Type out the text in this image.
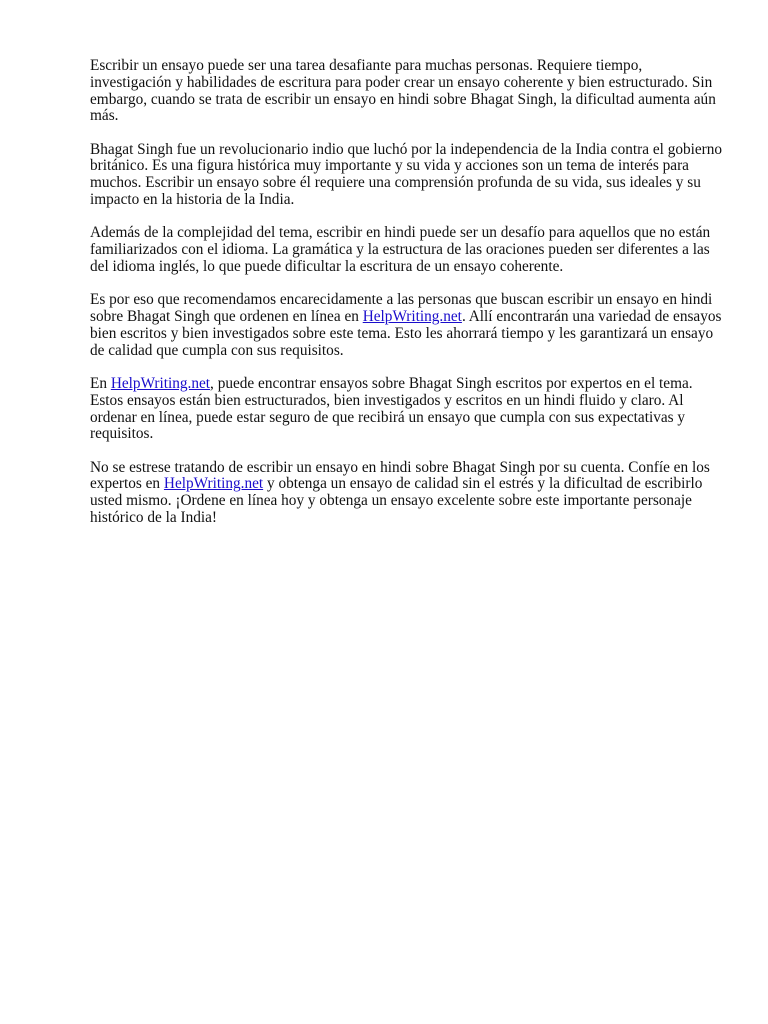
Escribir un ensayo puede ser una tarea desafiante para muchas personas. Requiere tiempo, investigación y habilidades de escritura para poder crear un ensayo coherente y bien estructurado. Sin embargo, cuando se trata de escribir un ensayo en hindi sobre Bhagat Singh, la dificultad aumenta aún más.

Bhagat Singh fue un revolucionario indio que luchó por la independencia de la India contra el gobierno británico. Es una figura histórica muy importante y su vida y acciones son un tema de interés para muchos. Escribir un ensayo sobre él requiere una comprensión profunda de su vida, sus ideales y su impacto en la historia de la India.

Además de la complejidad del tema, escribir en hindi puede ser un desafío para aquellos que no están familiarizados con el idioma. La gramática y la estructura de las oraciones pueden ser diferentes a las del idioma inglés, lo que puede dificultar la escritura de un ensayo coherente.

Es por eso que recomendamos encarecidamente a las personas que buscan escribir un ensayo en hindi sobre Bhagat Singh que ordenen en línea en HelpWriting.net. Allí encontrarán una variedad de ensayos bien escritos y bien investigados sobre este tema. Esto les ahorrará tiempo y les garantizará un ensayo de calidad que cumpla con sus requisitos.

En HelpWriting.net, puede encontrar ensayos sobre Bhagat Singh escritos por expertos en el tema. Estos ensayos están bien estructurados, bien investigados y escritos en un hindi fluido y claro. Al ordenar en línea, puede estar seguro de que recibirá un ensayo que cumpla con sus expectativas y requisitos.

No se estrese tratando de escribir un ensayo en hindi sobre Bhagat Singh por su cuenta. Confíe en los expertos en HelpWriting.net y obtenga un ensayo de calidad sin el estrés y la dificultad de escribirlo usted mismo. ¡Ordene en línea hoy y obtenga un ensayo excelente sobre este importante personaje histórico de la India!
